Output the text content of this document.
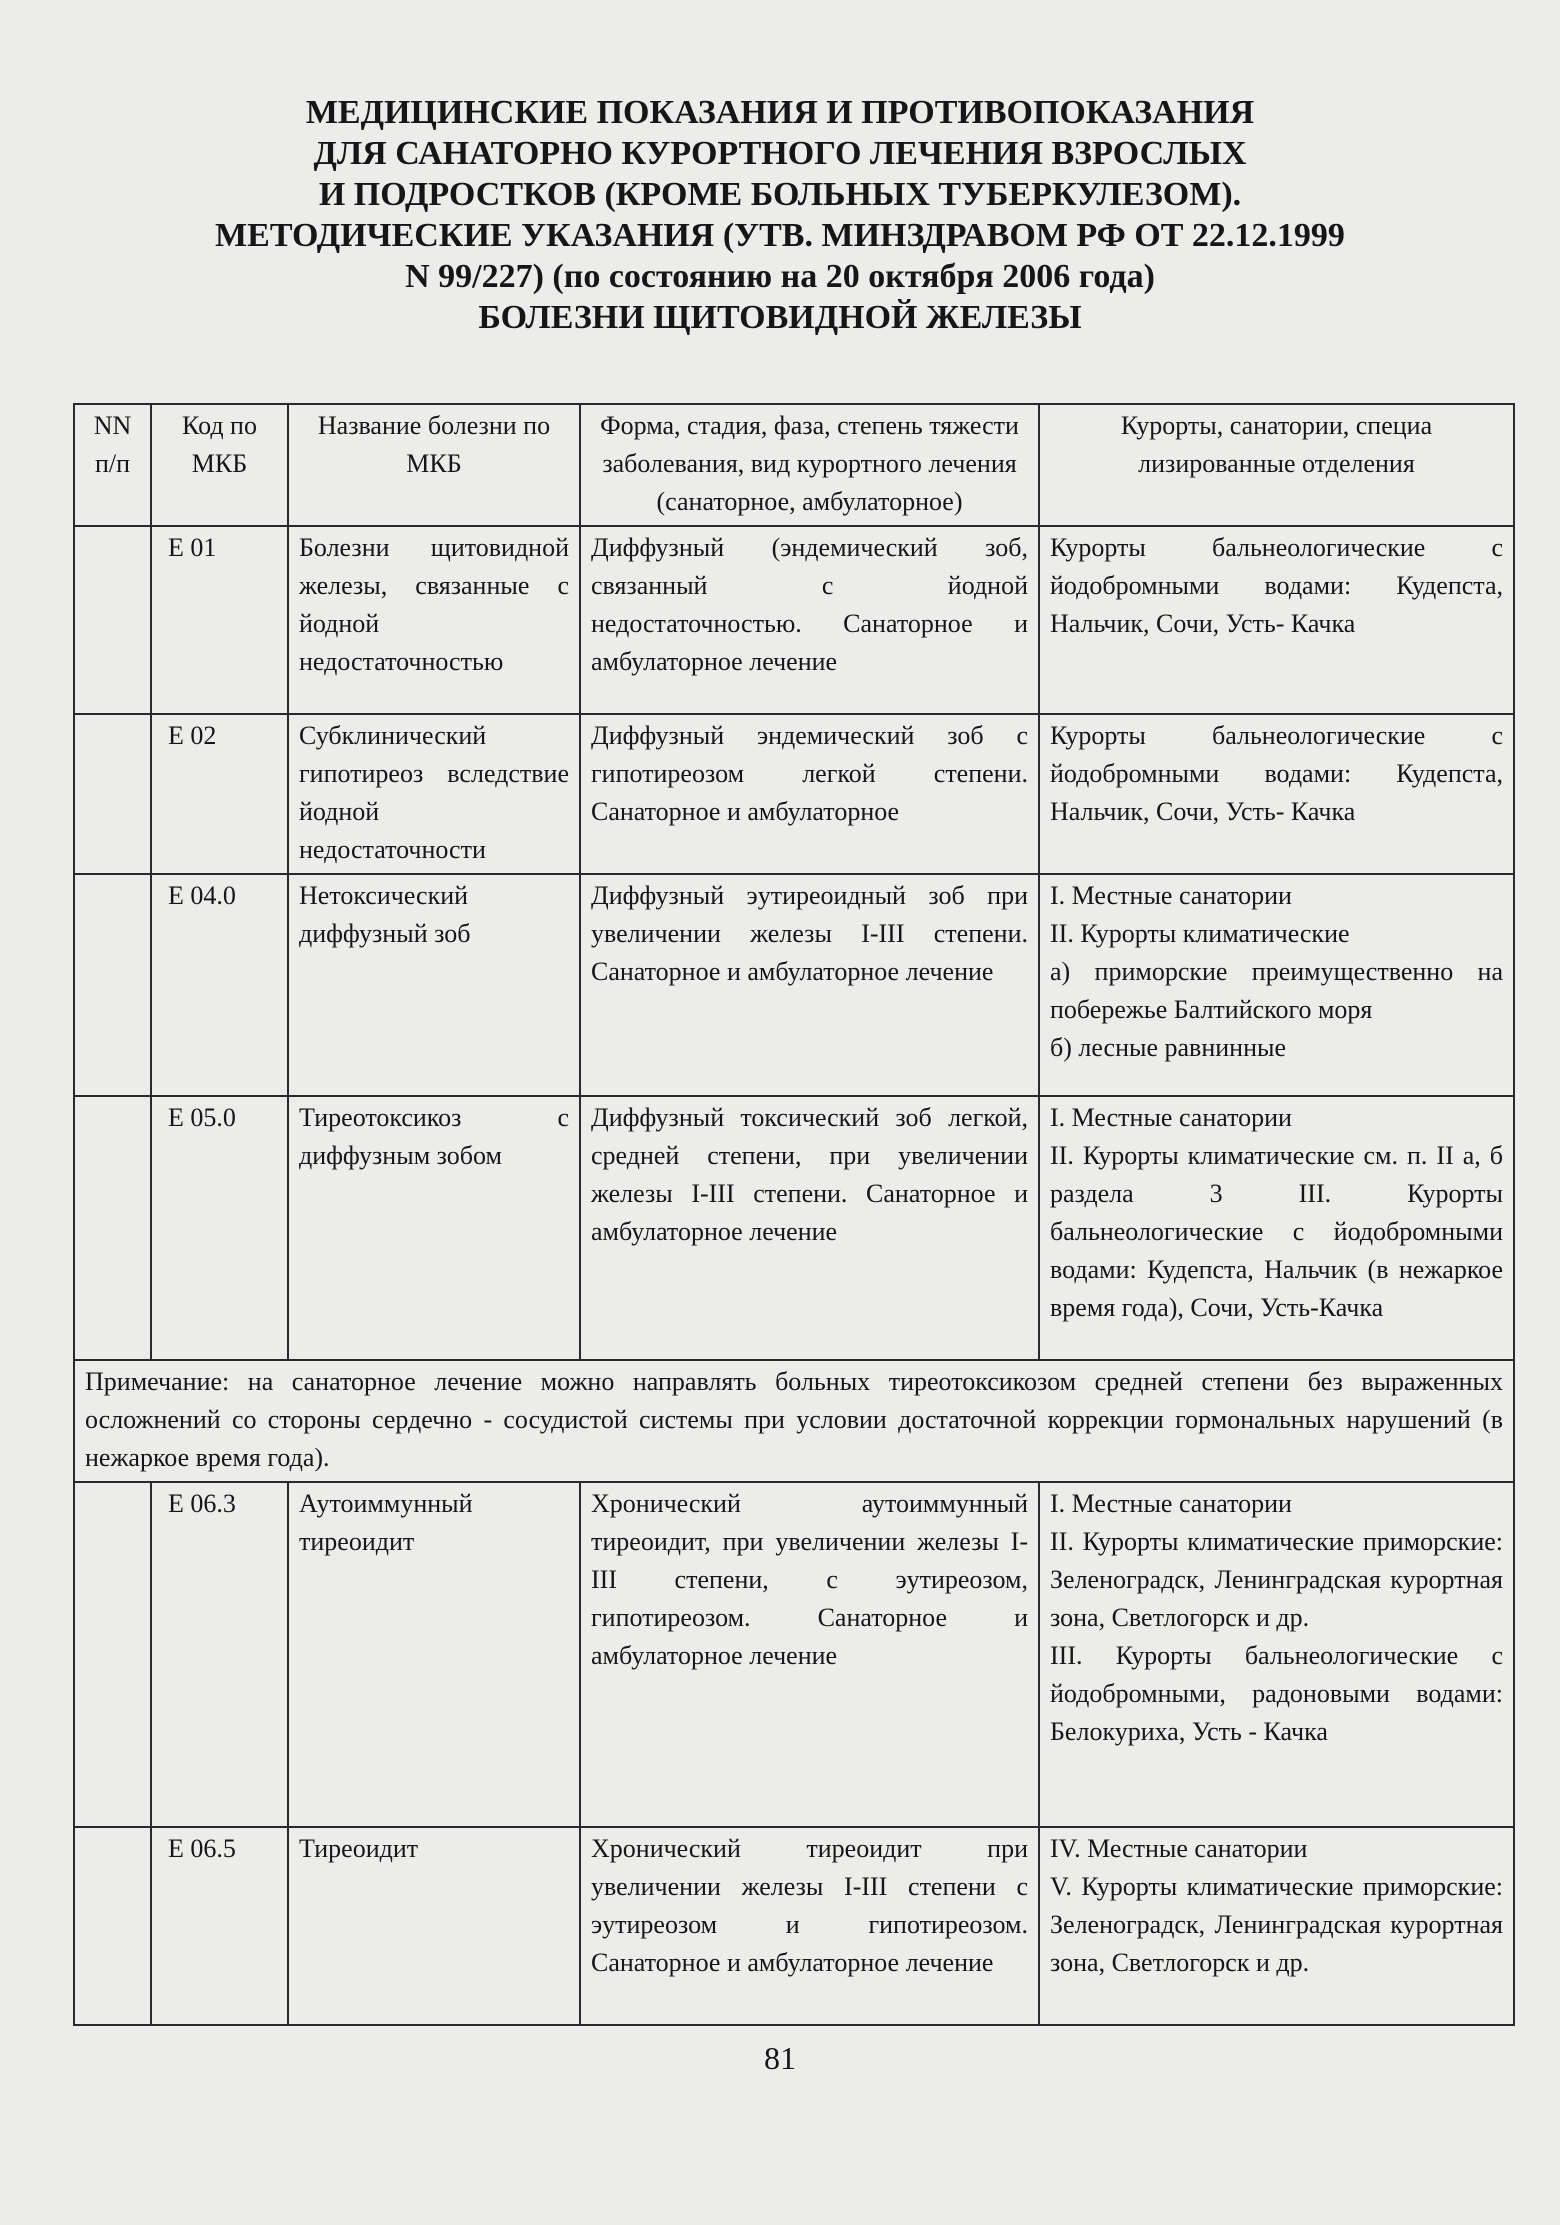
МЕДИЦИНСКИЕ ПОКАЗАНИЯ И ПРОТИВОПОКАЗАНИЯ
ДЛЯ САНАТОРНО КУРОРТНОГО ЛЕЧЕНИЯ ВЗРОСЛЫХ
И ПОДРОСТКОВ (КРОМЕ БОЛЬНЫХ ТУБЕРКУЛЕЗОМ).
МЕТОДИЧЕСКИЕ УКАЗАНИЯ (УТВ. МИНЗДРАВОМ РФ ОТ 22.12.1999
N 99/227) (по состоянию на 20 октября 2006 года)
БОЛЕЗНИ ЩИТОВИДНОЙ ЖЕЛЕЗЫ
NN п/п	Код по МКБ	Название болезни по МКБ	Форма, стадия, фаза, степень тяжести заболевания, вид курортного лечения (санаторное, амбулаторное)	Курорты, санатории, специа лизированные отделения
	Е 01	Болезни щитовидной железы, связанные с йодной недостаточностью	Диффузный (эндемический зоб, связанный с йодной недостаточностью. Санаторное и амбулаторное лечение	Курорты бальнеологические с йодобромными водами: Кудепста, Нальчик, Сочи, Усть- Качка

	Е 02	Субклинический гипотиреоз вследствие йодной недостаточности	Диффузный эндемический зоб с гипотиреозом легкой степени. Санаторное и амбулаторное	Курорты бальнеологические с йодобромными водами: Кудепста, Нальчик, Сочи, Усть- Качка

	Е 04.0	Нетоксический диффузный зоб	Диффузный эутиреоидный зоб при увеличении железы I-III степени. Санаторное и амбулаторное лечение	I. Местные санатории
II. Курорты климатические
а) приморские преимущественно на побережье Балтийского моря
б) лесные равнинные

	Е 05.0	Тиреотоксикоз с диффузным зобом	Диффузный токсический зоб легкой, средней степени, при увеличении железы I-III степени. Санаторное и амбулаторное лечение	I. Местные санатории
II. Курорты климатические см. п. II а, б раздела 3 III. Курорты бальнеологические с йодобромными водами: Кудепста, Нальчик (в нежаркое время года), Сочи, Усть-Качка

Примечание: на санаторное лечение можно направлять больных тиреотоксикозом средней степени без выраженных осложнений со стороны сердечно - сосудистой системы при условии достаточной коррекции гормональных нарушений (в нежаркое время года).				
	Е 06.3	Аутоиммунный тиреоидит	Хронический аутоиммунный тиреоидит, при увеличении железы I-III степени, с эутиреозом, гипотиреозом. Санаторное и амбулаторное лечение	I. Местные санатории
II. Курорты климатические приморские: Зеленоградск, Ленинградская курортная зона, Светлогорск и др.
III. Курорты бальнеологические с йодобромными, радоновыми водами: Белокуриха, Усть - Качка

	Е 06.5	Тиреоидит	Хронический тиреоидит при увеличении железы I-III степени с эутиреозом и гипотиреозом. Санаторное и амбулаторное лечение	IV. Местные санатории
V. Курорты климатические приморские: Зеленоградск, Ленинградская курортная зона, Светлогорск и др.
81
